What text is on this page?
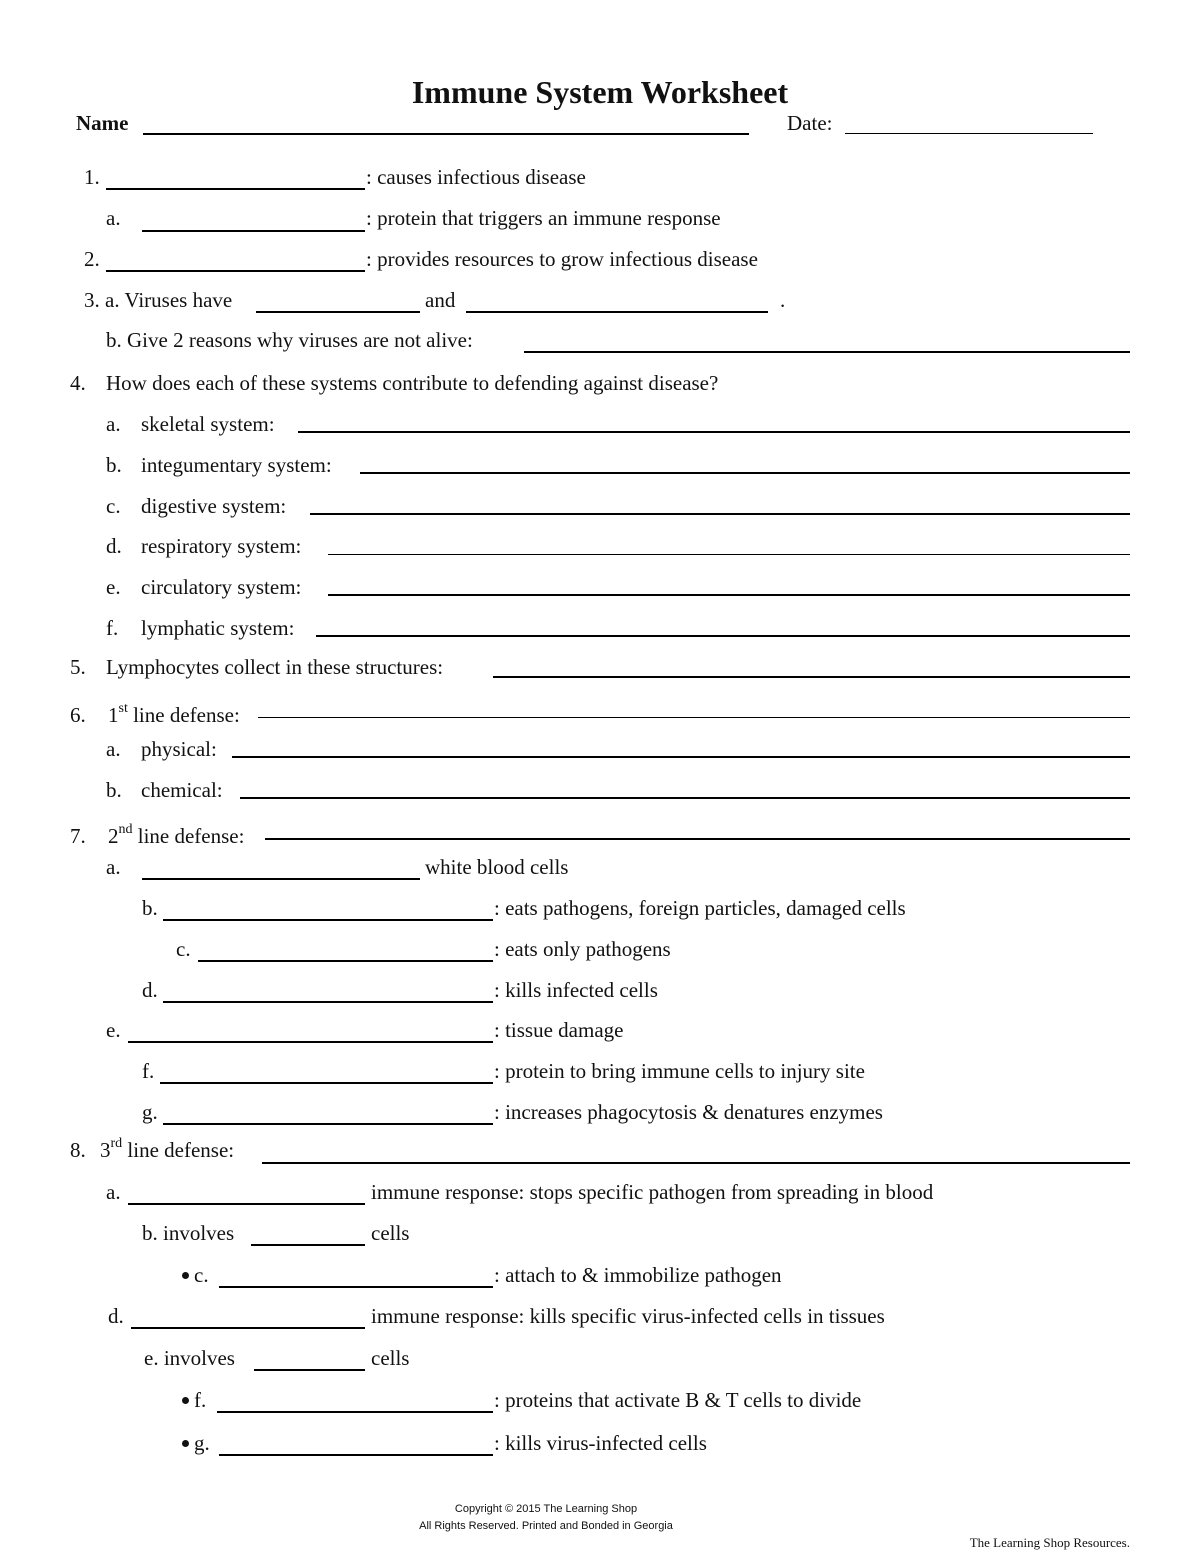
Immune System Worksheet
Name	Date:
1.	: causes infectious disease
a.	: protein that triggers an immune response
2.	: provides resources to grow infectious disease
3. a. Viruses have	and	.
b. Give 2 reasons why viruses are not alive:
4. How does each of these systems contribute to defending against disease?
a. skeletal system:
b. integumentary system:
c. digestive system:
d. respiratory system:
e. circulatory system:
f. lymphatic system:
5. Lymphocytes collect in these structures:
6. 1st line defense:
a. physical:
b. chemical:
7. 2nd line defense:
a.	white blood cells
b.	: eats pathogens, foreign particles, damaged cells
c.	: eats only pathogens
d.	: kills infected cells
e.	: tissue damage
f.	: protein to bring immune cells to injury site
g.	: increases phagocytosis & denatures enzymes
8. 3rd line defense:
a.	immune response: stops specific pathogen from spreading in blood
b. involves	cells
c.	: attach to & immobilize pathogen
d.	immune response: kills specific virus-infected cells in tissues
e. involves	cells
f.	: proteins that activate B & T cells to divide
g.	: kills virus-infected cells
Copyright © 2015 The Learning Shop
All Rights Reserved. Printed and Bonded in Georgia
The Learning Shop Resources.
